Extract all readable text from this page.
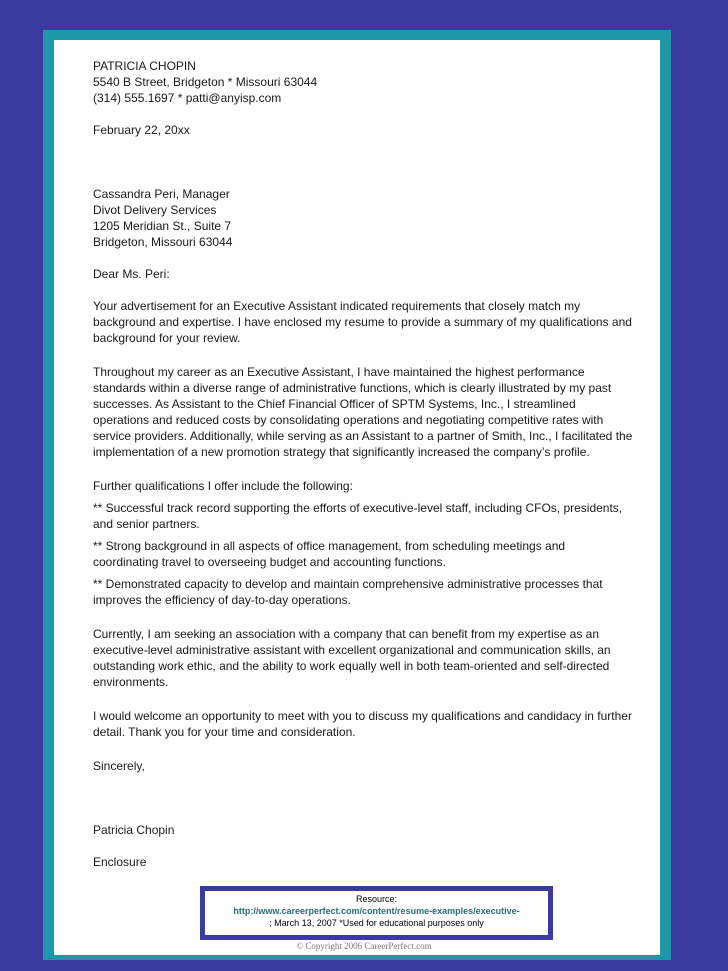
PATRICIA CHOPIN

5540 B Street, Bridgeton * Missouri 63044

(314) 555.1697 * patti@anyisp.com

February 22, 20xx

Cassandra Peri, Manager

Divot Delivery Services

1205 Meridian St., Suite 7

Bridgeton, Missouri 63044

Dear Ms. Peri:

Your advertisement for an Executive Assistant indicated requirements that closely match my background and expertise. I have enclosed my resume to provide a summary of my qualifications and background for your review.

Throughout my career as an Executive Assistant, I have maintained the highest performance standards within a diverse range of administrative functions, which is clearly illustrated by my past successes. As Assistant to the Chief Financial Officer of SPTM Systems, Inc., I streamlined operations and reduced costs by consolidating operations and negotiating competitive rates with service providers. Additionally, while serving as an Assistant to a partner of Smith, Inc., I facilitated the implementation of a new promotion strategy that significantly increased the company’s profile.

Further qualifications I offer include the following:

** Successful track record supporting the efforts of executive-level staff, including CFOs, presidents, and senior partners.

** Strong background in all aspects of office management, from scheduling meetings and coordinating travel to overseeing budget and accounting functions.

** Demonstrated capacity to develop and maintain comprehensive administrative processes that improves the efficiency of day-to-day operations.

Currently, I am seeking an association with a company that can benefit from my expertise as an executive-level administrative assistant with excellent organizational and communication skills, an outstanding work ethic, and the ability to work equally well in both team-oriented and self-directed environments.

I would welcome an opportunity to meet with you to discuss my qualifications and candidacy in further detail. Thank you for your time and consideration.

Sincerely,

Patricia Chopin

Enclosure

Resource:
http://www.careerperfect.com/content/resume-examples/executive-
; March 13, 2007 *Used for educational purposes only
© Copyright 2006 CareerPerfect.com
